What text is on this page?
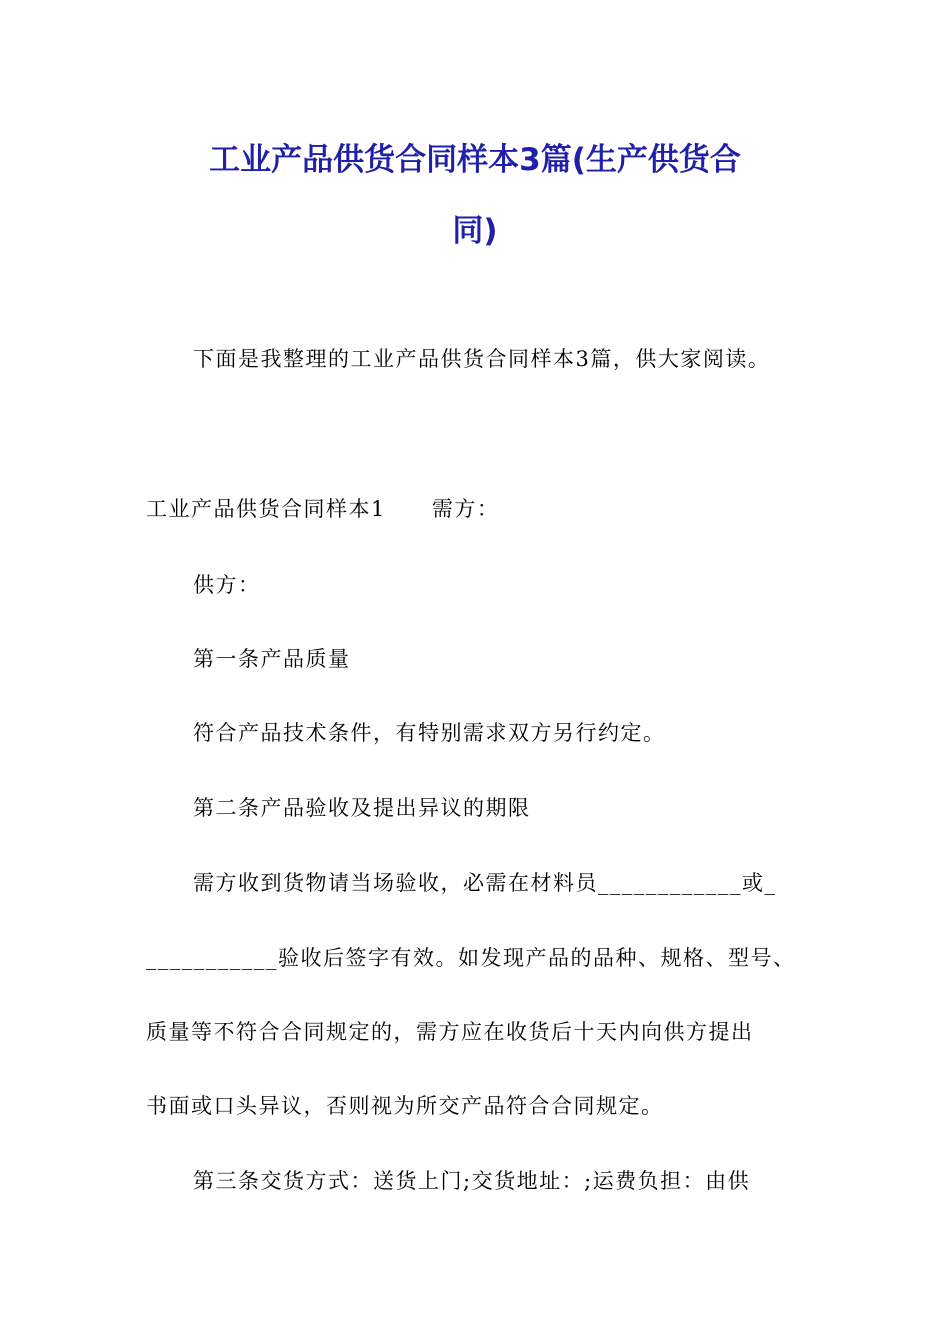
工业产品供货合同样本3篇(生产供货合
同)

下面是我整理的工业产品供货合同样本3篇，供大家阅读。

工业产品供货合同样本1 需方：

供方：

第一条产品质量

符合产品技术条件，有特别需求双方另行约定。

第二条产品验收及提出异议的期限

需方收到货物请当场验收，必需在材料员____________或_

___________验收后签字有效。如发现产品的品种、规格、型号、

质量等不符合合同规定的，需方应在收货后十天内向供方提出

书面或口头异议，否则视为所交产品符合合同规定。

第三条交货方式：送货上门;交货地址：;运费负担：由供
